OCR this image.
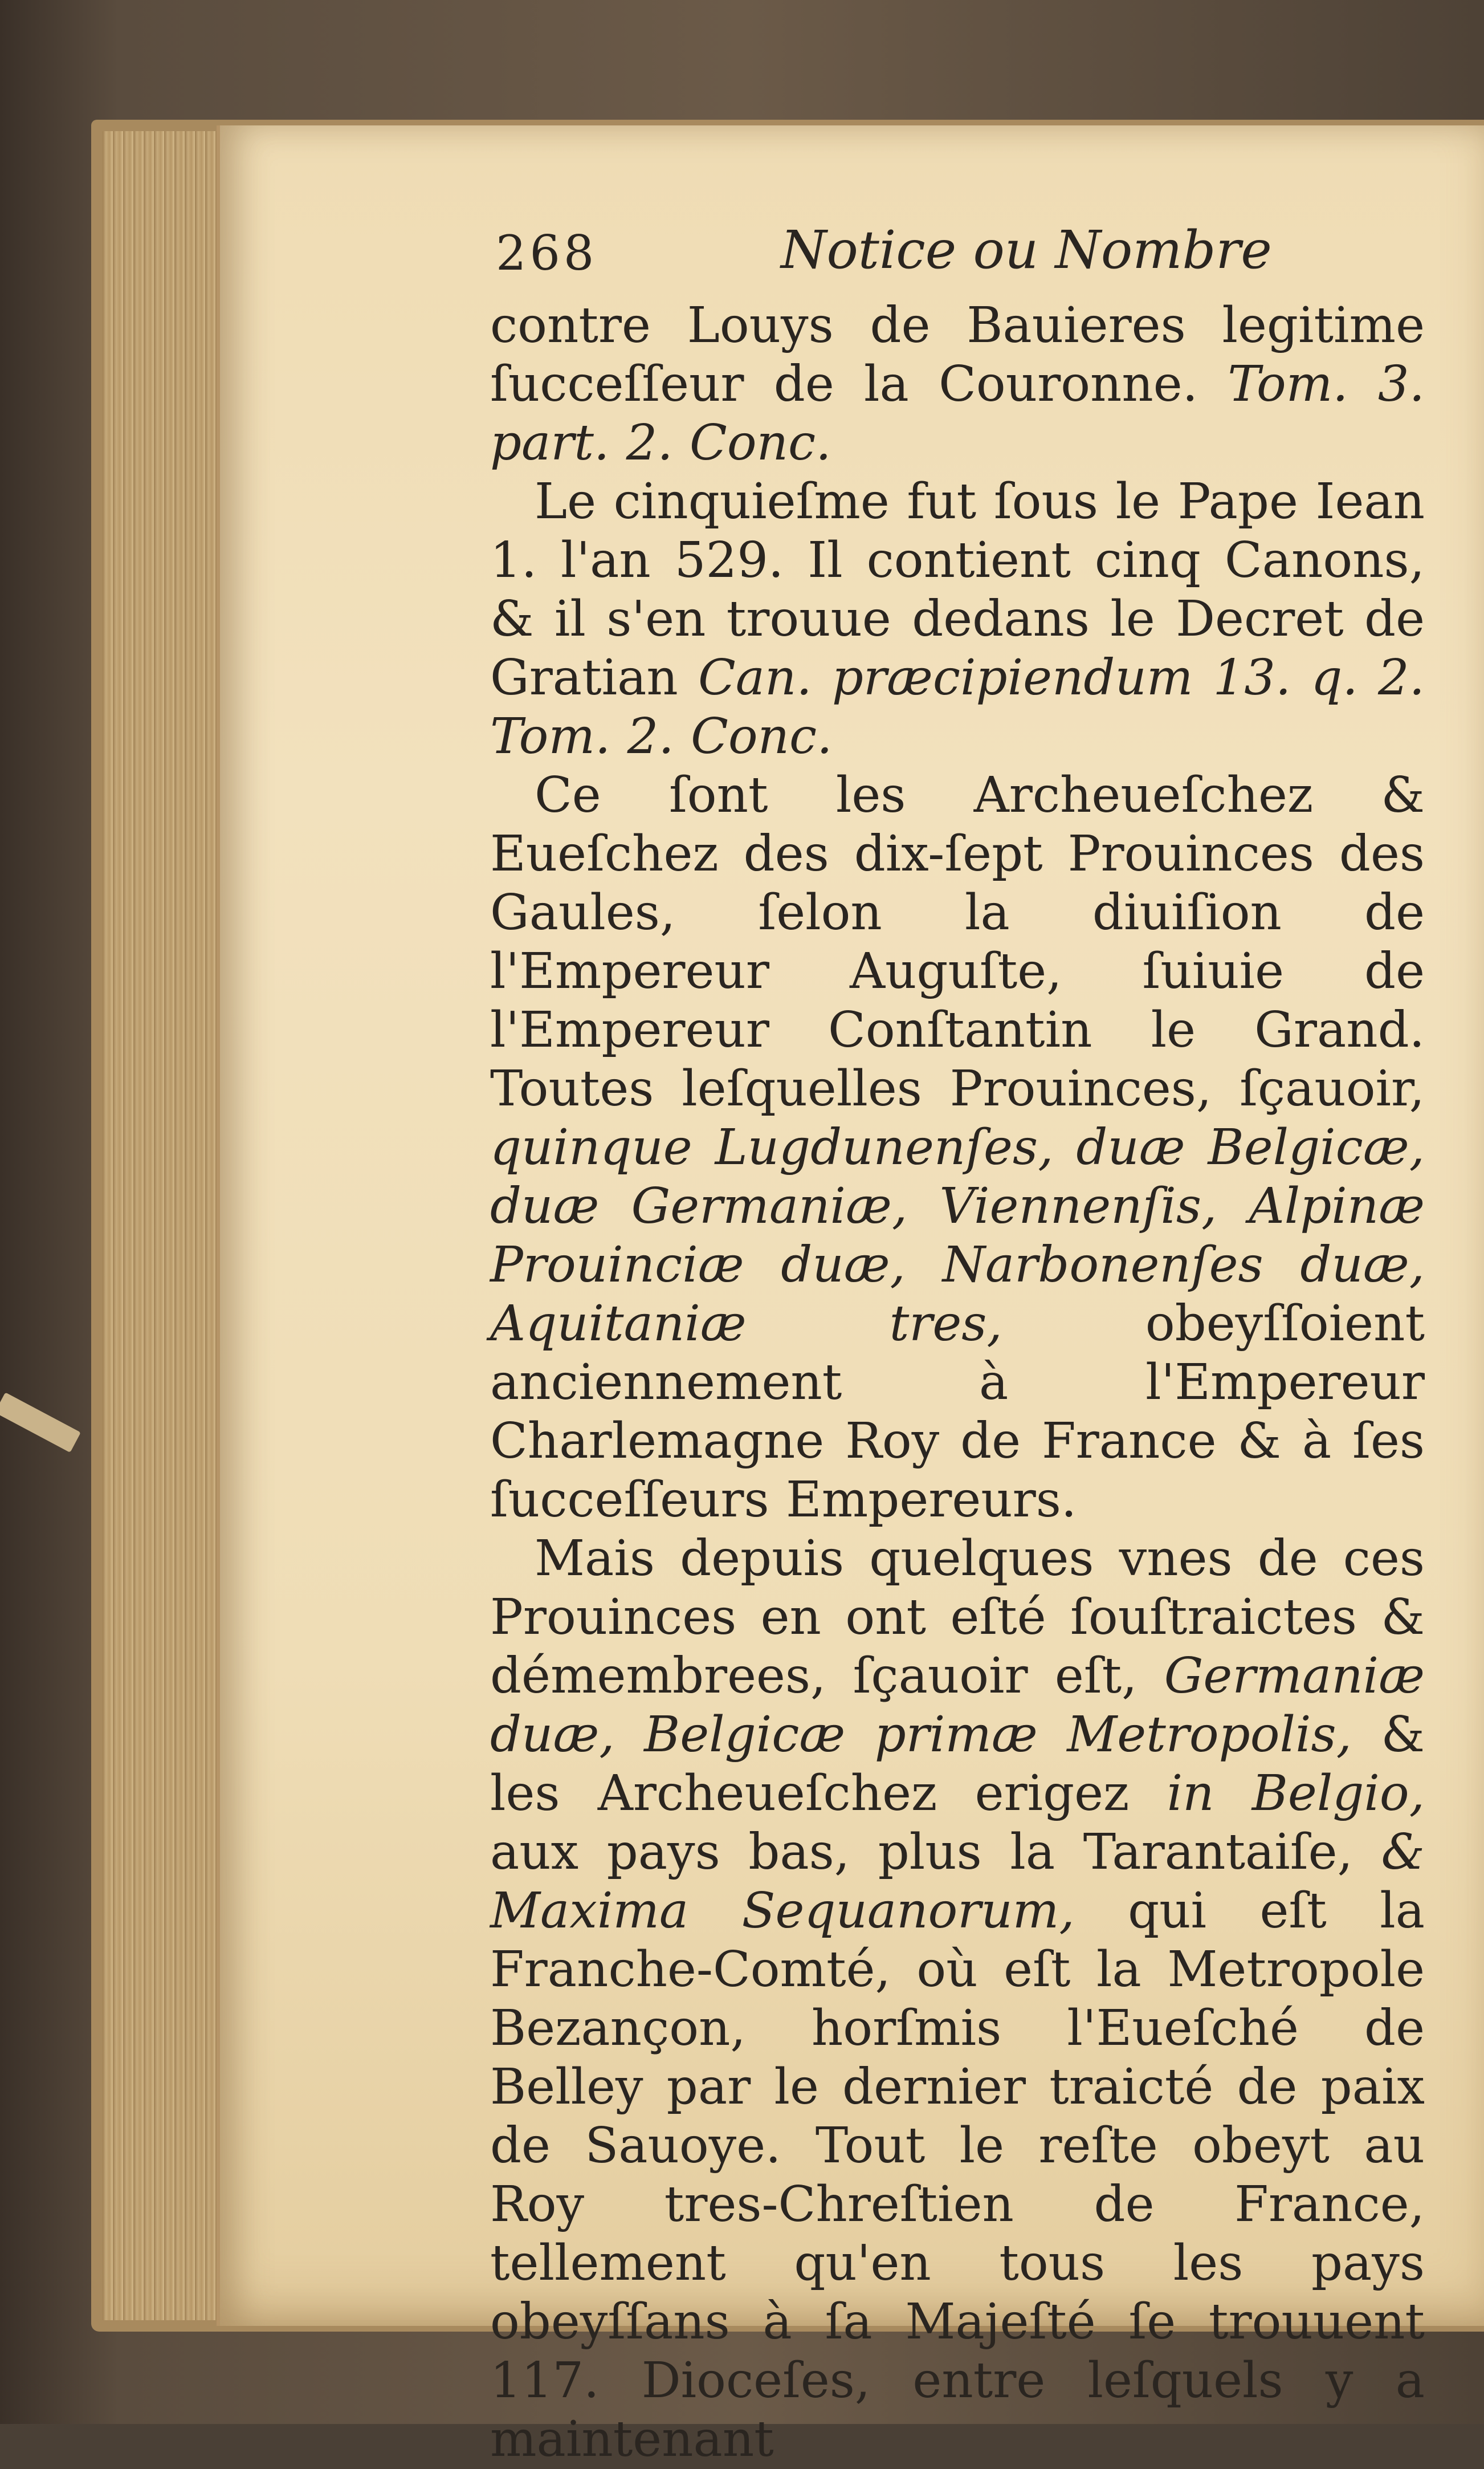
268	Notice ou Nombre

contre Louys de Bauieres legitime ſucceſſeur de la Couronne. Tom. 3. part. 2. Conc.

Le cinquieſme fut ſous le Pape Iean 1. l'an 529. Il contient cinq Canons, & il s'en trouue dedans le Decret de Gratian Can. præcipiendum 13. q. 2. Tom. 2. Conc.

Ce ſont les Archeueſchez & Eueſchez des dix-ſept Prouinces des Gaules, ſelon la diuiſion de l'Empereur Auguſte, ſuiuie de l'Empereur Conſtantin le Grand. Toutes leſquelles Prouinces, ſçauoir, quinque Lugdunenſes, duæ Belgicæ, duæ Germaniæ, Viennenſis, Alpinæ Prouinciæ duæ, Narbonenſes duæ, Aquitaniæ tres, obeyſſoient anciennement à l'Empereur Charlemagne Roy de France & à ſes ſucceſſeurs Empereurs.

Mais depuis quelques vnes de ces Prouinces en ont eſté ſouſtraictes & démembrees, ſçauoir eſt, Germaniæ duæ, Belgicæ primæ Metropolis, & les Archeueſchez erigez in Belgio, aux pays bas, plus la Tarantaiſe, & Maxima Sequanorum, qui eſt la Franche-Comté, où eſt la Metropole Bezançon, horſmis l'Eueſché de Belley par le dernier traicté de paix de Sauoye. Tout le reſte obeyt au Roy tres-Chreſtien de France, tellement qu'en tous les pays obeyſſans à ſa Majeſté ſe trouuent 117. Dioceſes, entre leſquels y a maintenant
